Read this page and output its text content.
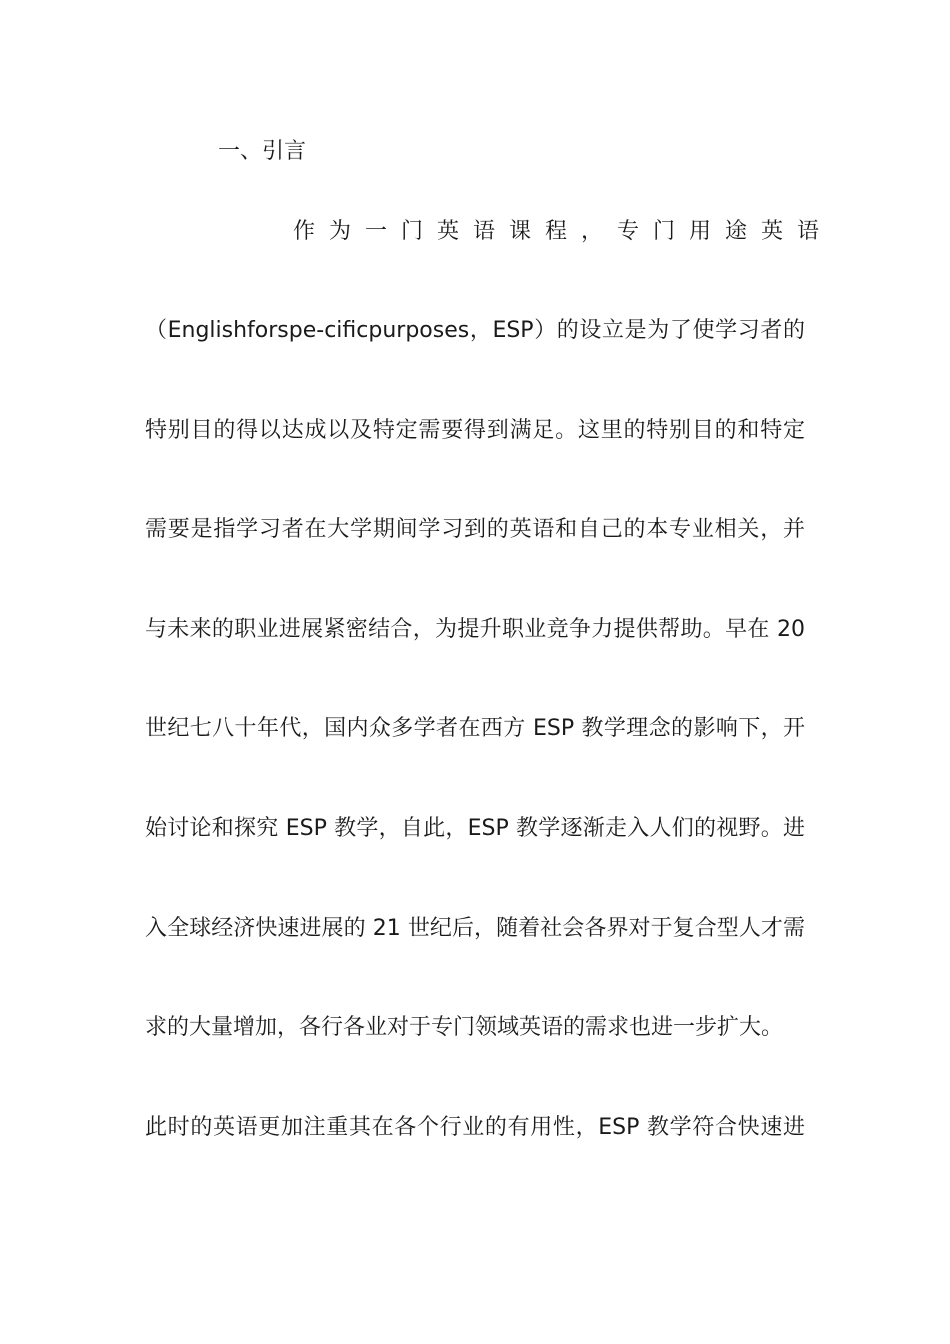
一、引言
作为一门英语课程，专门用途英语
（Englishforspe-cificpurposes，ESP）的设立是为了使学习者的
特别目的得以达成以及特定需要得到满足。这里的特别目的和特定
需要是指学习者在大学期间学习到的英语和自己的本专业相关，并
与未来的职业进展紧密结合，为提升职业竞争力提供帮助。早在 20
世纪七八十年代，国内众多学者在西方 ESP 教学理念的影响下，开
始讨论和探究 ESP 教学，自此，ESP 教学逐渐走入人们的视野。进
入全球经济快速进展的 21 世纪后，随着社会各界对于复合型人才需
求的大量增加，各行各业对于专门领域英语的需求也进一步扩大。
此时的英语更加注重其在各个行业的有用性，ESP 教学符合快速进
